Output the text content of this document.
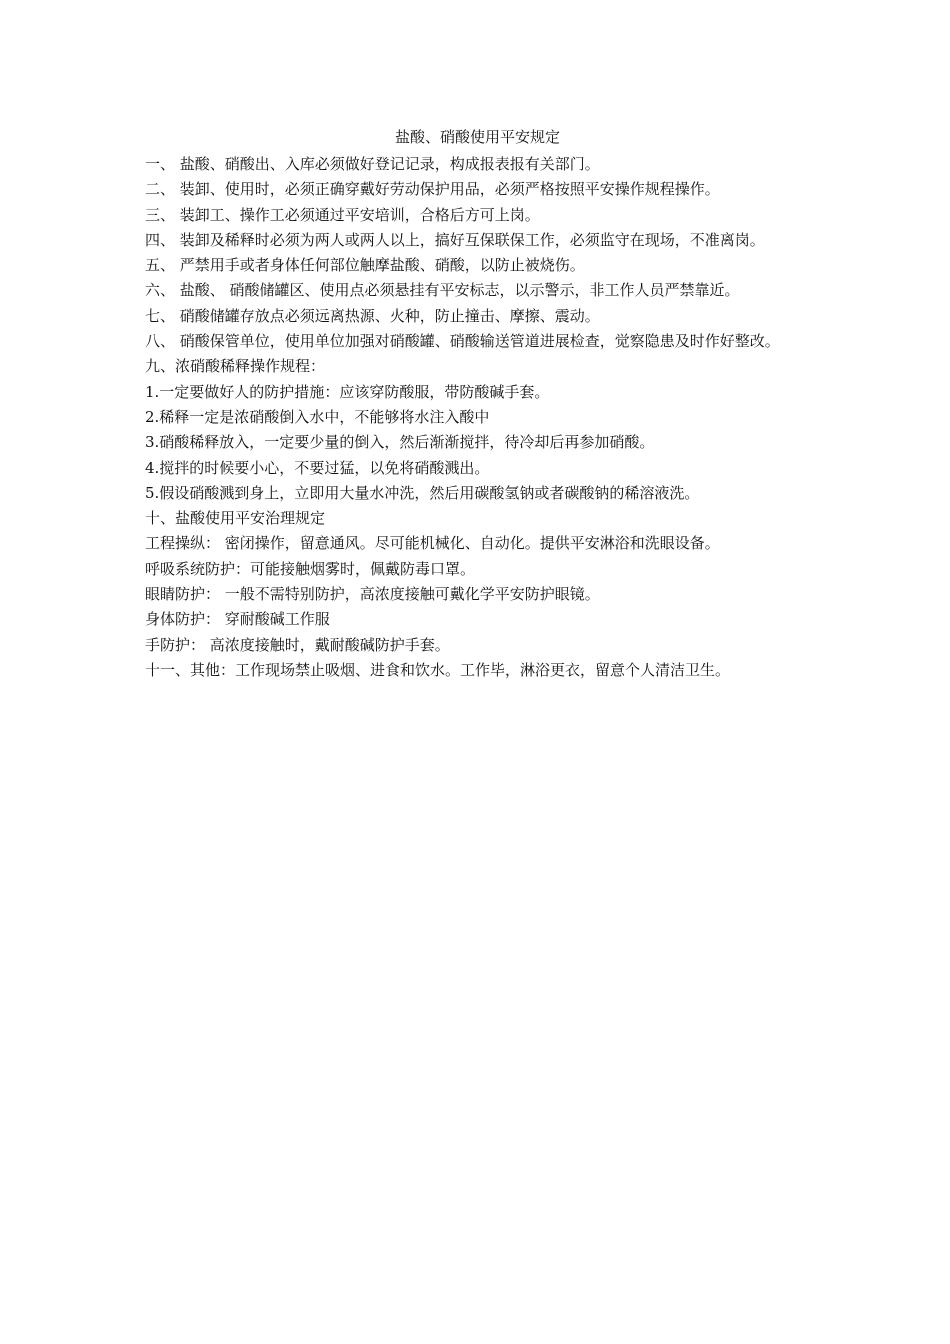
盐酸、硝酸使用平安规定

一、 盐酸、硝酸出、入库必须做好登记记录，构成报表报有关部门。

二、 装卸、使用时，必须正确穿戴好劳动保护用品，必须严格按照平安操作规程操作。

三、 装卸工、操作工必须通过平安培训，合格后方可上岗。

四、 装卸及稀释时必须为两人或两人以上，搞好互保联保工作，必须监守在现场，不准离岗。

五、 严禁用手或者身体任何部位触摩盐酸、硝酸，以防止被烧伤。

六、 盐酸、 硝酸储罐区、使用点必须悬挂有平安标志，以示警示，非工作人员严禁靠近。

七、 硝酸储罐存放点必须远离热源、火种，防止撞击、摩擦、震动。

八、 硝酸保管单位，使用单位加强对硝酸罐、硝酸输送管道进展检查，觉察隐患及时作好整改。

九、浓硝酸稀释操作规程：

1.一定要做好人的防护措施：应该穿防酸服，带防酸碱手套。

2.稀释一定是浓硝酸倒入水中，不能够将水注入酸中

3.硝酸稀释放入，一定要少量的倒入，然后渐渐搅拌，待冷却后再参加硝酸。

4.搅拌的时候要小心，不要过猛，以免将硝酸溅出。

5.假设硝酸溅到身上，立即用大量水冲洗，然后用碳酸氢钠或者碳酸钠的稀溶液洗。

十、盐酸使用平安治理规定

工程操纵： 密闭操作，留意通风。尽可能机械化、自动化。提供平安淋浴和洗眼设备。

呼吸系统防护：可能接触烟雾时，佩戴防毒口罩。

眼睛防护： 一般不需特别防护，高浓度接触可戴化学平安防护眼镜。

身体防护： 穿耐酸碱工作服

手防护： 高浓度接触时，戴耐酸碱防护手套。

十一、其他：工作现场禁止吸烟、进食和饮水。工作毕，淋浴更衣，留意个人清洁卫生。
